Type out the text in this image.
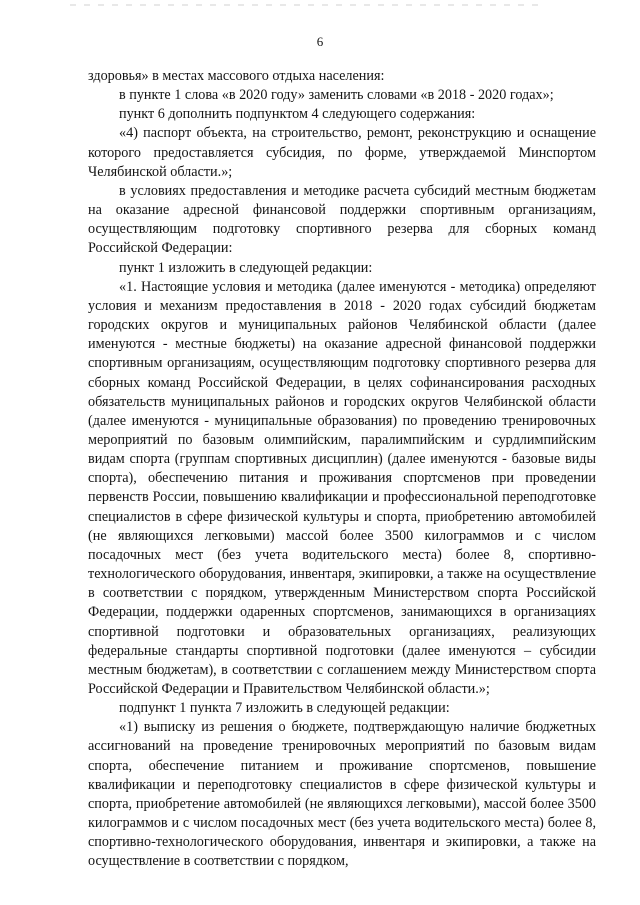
6

здоровья» в местах массового отдыха населения:

в пункте 1 слова «в 2020 году» заменить словами «в 2018 - 2020 годах»;

пункт 6 дополнить подпунктом 4 следующего содержания:

«4) паспорт объекта, на строительство, ремонт, реконструкцию и оснащение которого предоставляется субсидия, по форме, утверждаемой Минспортом Челябинской области.»;

в условиях предоставления и методике расчета субсидий местным бюджетам на оказание адресной финансовой поддержки спортивным организациям, осуществляющим подготовку спортивного резерва для сборных команд Российской Федерации:

пункт 1 изложить в следующей редакции:

«1. Настоящие условия и методика (далее именуются - методика) определяют условия и механизм предоставления в 2018 - 2020 годах субсидий бюджетам городских округов и муниципальных районов Челябинской области (далее именуются - местные бюджеты) на оказание адресной финансовой поддержки спортивным организациям, осуществляющим подготовку спортивного резерва для сборных команд Российской Федерации, в целях софинансирования расходных обязательств муниципальных районов и городских округов Челябинской области (далее именуются - муниципальные образования) по проведению тренировочных мероприятий по базовым олимпийским, паралимпийским и сурдлимпийским видам спорта (группам спортивных дисциплин) (далее именуются - базовые виды спорта), обеспечению питания и проживания спортсменов при проведении первенств России, повышению квалификации и профессиональной переподготовке специалистов в сфере физической культуры и спорта, приобретению автомобилей (не являющихся легковыми) массой более 3500 килограммов и с числом посадочных мест (без учета водительского места) более 8, спортивно-технологического оборудования, инвентаря, экипировки, а также на осуществление в соответствии с порядком, утвержденным Министерством спорта Российской Федерации, поддержки одаренных спортсменов, занимающихся в организациях спортивной подготовки и образовательных организациях, реализующих федеральные стандарты спортивной подготовки (далее именуются – субсидии местным бюджетам), в соответствии с соглашением между Министерством спорта Российской Федерации и Правительством Челябинской области.»;

подпункт 1 пункта 7 изложить в следующей редакции:

«1) выписку из решения о бюджете, подтверждающую наличие бюджетных ассигнований на проведение тренировочных мероприятий по базовым видам спорта, обеспечение питанием и проживание спортсменов, повышение квалификации и переподготовку специалистов в сфере физической культуры и спорта, приобретение автомобилей (не являющихся легковыми), массой более 3500 килограммов и с числом посадочных мест (без учета водительского места) более 8, спортивно-технологического оборудования, инвентаря и экипировки, а также на осуществление в соответствии с порядком,
